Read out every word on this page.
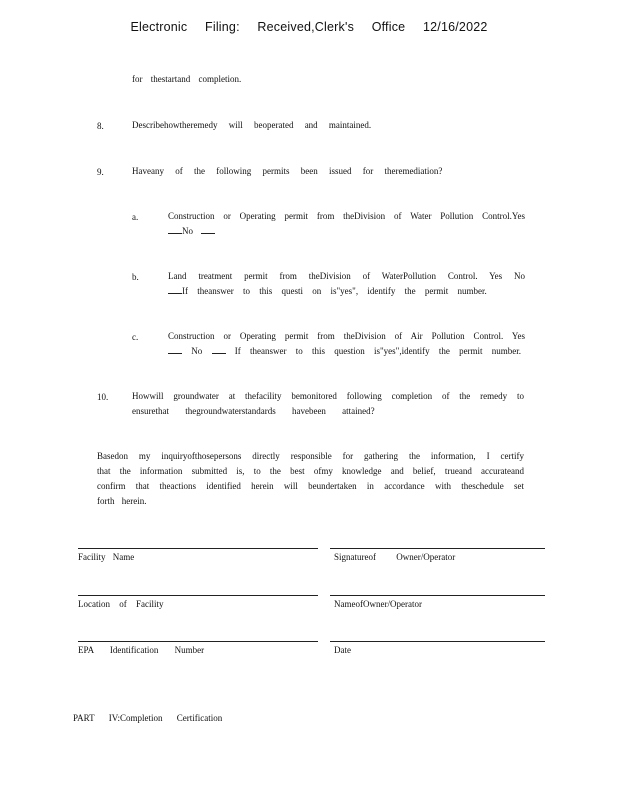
Electronic Filing: Received,Clerk's Office 12/16/2022
for thestartand completion.
8.	Describehowtheremedy will beoperated and maintained.
9.	Haveany of the following permits been issued for theremediation?
a.	Construction or Operating permit from theDivision of Water Pollution Control.Yes
No
b.	Land treatment permit from theDivision of WaterPollution Control. Yes No
If theanswer to this questi on is"yes", identify the permit number.
c.	Construction or Operating permit from theDivision of Air Pollution Control. Yes
No	If theanswer to this question is"yes",identify the permit number.
10.	Howwill groundwater at thefacility bemonitored following completion of the remedy to
ensurethat thegroundwaterstandards havebeen attained?
Basedon my inquiryofthosepersons directly responsible for gathering the information, I certify
that the information submitted is, to the best ofmy knowledge and belief, trueand accurateand
confirm that theactions identified herein will beundertaken in accordance with theschedule set
forth herein.
Facility Name	Signatureof Owner/Operator
Location of Facility	NameofOwner/Operator
EPA Identification Number	Date
PART IV:Completion Certification
